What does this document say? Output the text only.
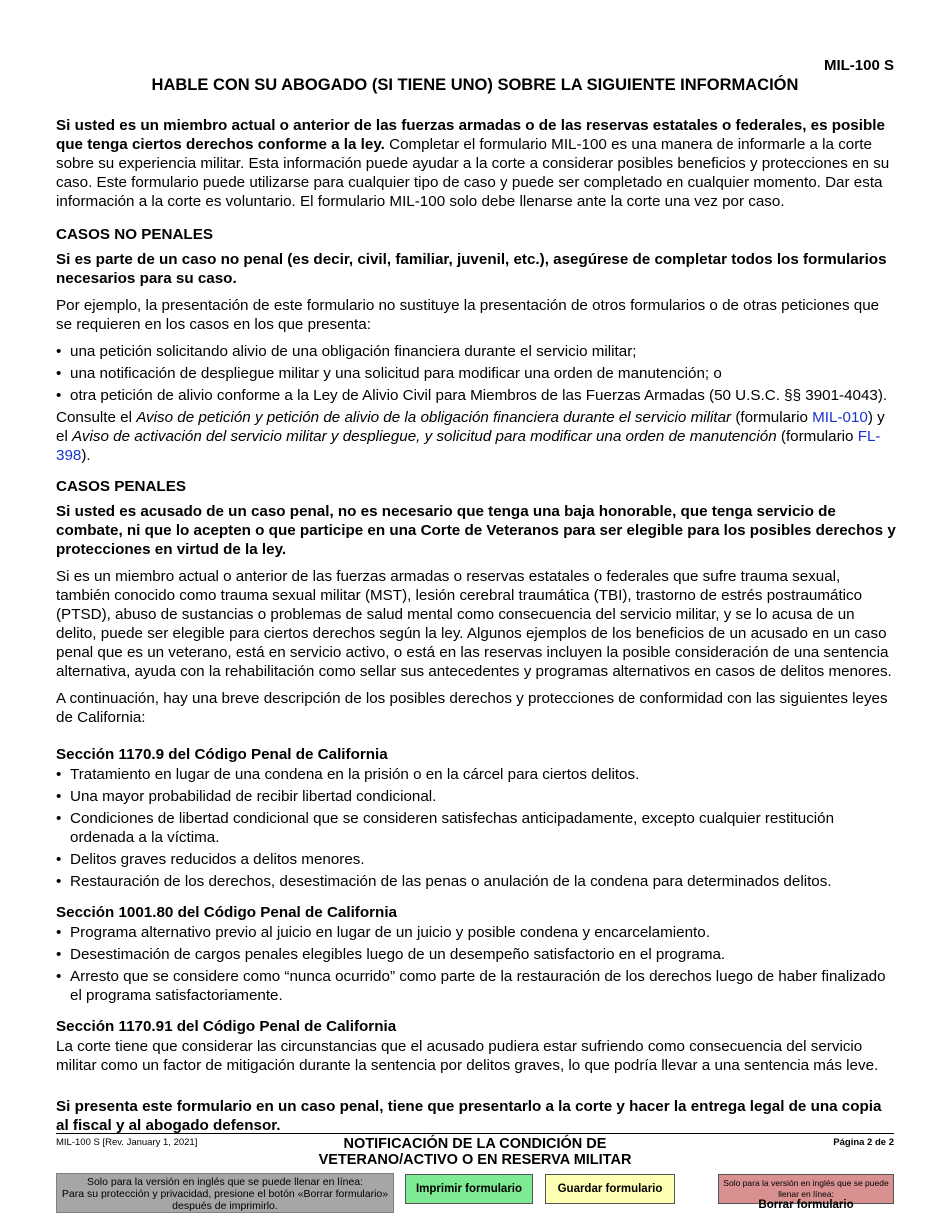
MIL-100 S
HABLE CON SU ABOGADO (SI TIENE UNO) SOBRE LA SIGUIENTE INFORMACIÓN

Si usted es un miembro actual o anterior de las fuerzas armadas o de las reservas estatales o federales, es posible que tenga ciertos derechos conforme a la ley. Completar el formulario MIL-100 es una manera de informarle a la corte sobre su experiencia militar. Esta información puede ayudar a la corte a considerar posibles beneficios y protecciones en su caso. Este formulario puede utilizarse para cualquier tipo de caso y puede ser completado en cualquier momento. Dar esta información a la corte es voluntario. El formulario MIL-100 solo debe llenarse ante la corte una vez por caso.

CASOS NO PENALES

Si es parte de un caso no penal (es decir, civil, familiar, juvenil, etc.), asegúrese de completar todos los formularios necesarios para su caso.

Por ejemplo, la presentación de este formulario no sustituye la presentación de otros formularios o de otras peticiones que se requieren en los casos en los que presenta:

• una petición solicitando alivio de una obligación financiera durante el servicio militar;
• una notificación de despliegue militar y una solicitud para modificar una orden de manutención; o
• otra petición de alivio conforme a la Ley de Alivio Civil para Miembros de las Fuerzas Armadas (50 U.S.C. §§ 3901-4043).

Consulte el Aviso de petición y petición de alivio de la obligación financiera durante el servicio militar (formulario MIL-010) y el Aviso de activación del servicio militar y despliegue, y solicitud para modificar una orden de manutención (formulario FL-398).

CASOS PENALES

Si usted es acusado de un caso penal, no es necesario que tenga una baja honorable, que tenga servicio de combate, ni que lo acepten o que participe en una Corte de Veteranos para ser elegible para los posibles derechos y protecciones en virtud de la ley.

Si es un miembro actual o anterior de las fuerzas armadas o reservas estatales o federales que sufre trauma sexual, también conocido como trauma sexual militar (MST), lesión cerebral traumática (TBI), trastorno de estrés postraumático (PTSD), abuso de sustancias o problemas de salud mental como consecuencia del servicio militar, y se lo acusa de un delito, puede ser elegible para ciertos derechos según la ley. Algunos ejemplos de los beneficios de un acusado en un caso penal que es un veterano, está en servicio activo, o está en las reservas incluyen la posible consideración de una sentencia alternativa, ayuda con la rehabilitación como sellar sus antecedentes y programas alternativos en casos de delitos menores.

A continuación, hay una breve descripción de los posibles derechos y protecciones de conformidad con las siguientes leyes de California:

Sección 1170.9 del Código Penal de California
• Tratamiento en lugar de una condena en la prisión o en la cárcel para ciertos delitos.
• Una mayor probabilidad de recibir libertad condicional.
• Condiciones de libertad condicional que se consideren satisfechas anticipadamente, excepto cualquier restitución ordenada a la víctima.
• Delitos graves reducidos a delitos menores.
• Restauración de los derechos, desestimación de las penas o anulación de la condena para determinados delitos.
Sección 1001.80 del Código Penal de California
• Programa alternativo previo al juicio en lugar de un juicio y posible condena y encarcelamiento.
• Desestimación de cargos penales elegibles luego de un desempeño satisfactorio en el programa.
• Arresto que se considere como “nunca ocurrido” como parte de la restauración de los derechos luego de haber finalizado el programa satisfactoriamente.
Sección 1170.91 del Código Penal de California

La corte tiene que considerar las circunstancias que el acusado pudiera estar sufriendo como consecuencia del servicio militar como un factor de mitigación durante la sentencia por delitos graves, lo que podría llevar a una sentencia más leve.

Si presenta este formulario en un caso penal, tiene que presentarlo a la corte y hacer la entrega legal de una copia al fiscal y al abogado defensor.

MIL-100 S [Rev. January 1, 2021]	NOTIFICACIÓN DE LA CONDICIÓN DE
VETERANO/ACTIVO O EN RESERVA MILITAR
Página 2 de 2
Solo para la versión en inglés que se puede llenar en línea:
Para su protección y privacidad, presione el botón «Borrar formulario»
después de imprimirlo.
Imprimir formulario	Guardar formulario	Solo para la versión en inglés que se puede llenar en línea:
Borrar formulario
